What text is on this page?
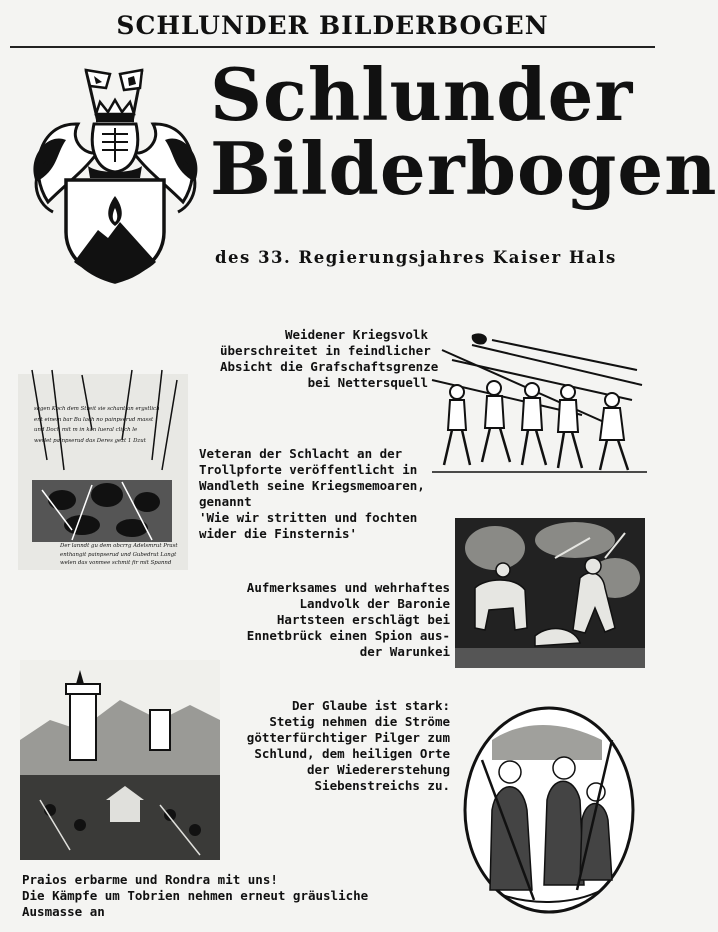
SCHLUNDER BILDERBOGEN
Schlunder
Bilderbogen
des 33. Regierungsjahres Kaiser Hals
Weidener Kriegsvolk
überschreitet in feindlicher
Absicht die Grafschaftsgrenze
bei Nettersquell
sagen Koch dem Streit sie schant an ergstlich
ent einem bar Bu lach no painpserud masst
und Doch mit m in kan lueral clifch le
werlet painpserud das Deres gezt 1 Dzut
Der lanndt gu dem obcrrg Adelsmrut Prast
enthangit painpserud und Gubedrut Langt
welen das vonmee schmit fir mit Spannd
Veteran der Schlacht an der
Trollpforte veröffentlicht in
Wandleth seine Kriegsmemoaren,
genannt
'Wie wir stritten und fochten
wider die Finsternis'
Aufmerksames und wehrhaftes
Landvolk der Baronie
Hartsteen erschlägt bei
Ennetbrück einen Spion aus-
der Warunkei
Der Glaube ist stark:
Stetig nehmen die Ströme
götterfürchtiger Pilger zum
Schlund, dem heiligen Orte
der Wiedererstehung
Siebenstreichs zu.
Praios erbarme und Rondra mit uns!
Die Kämpfe um Tobrien nehmen erneut gräusliche
Ausmasse an
